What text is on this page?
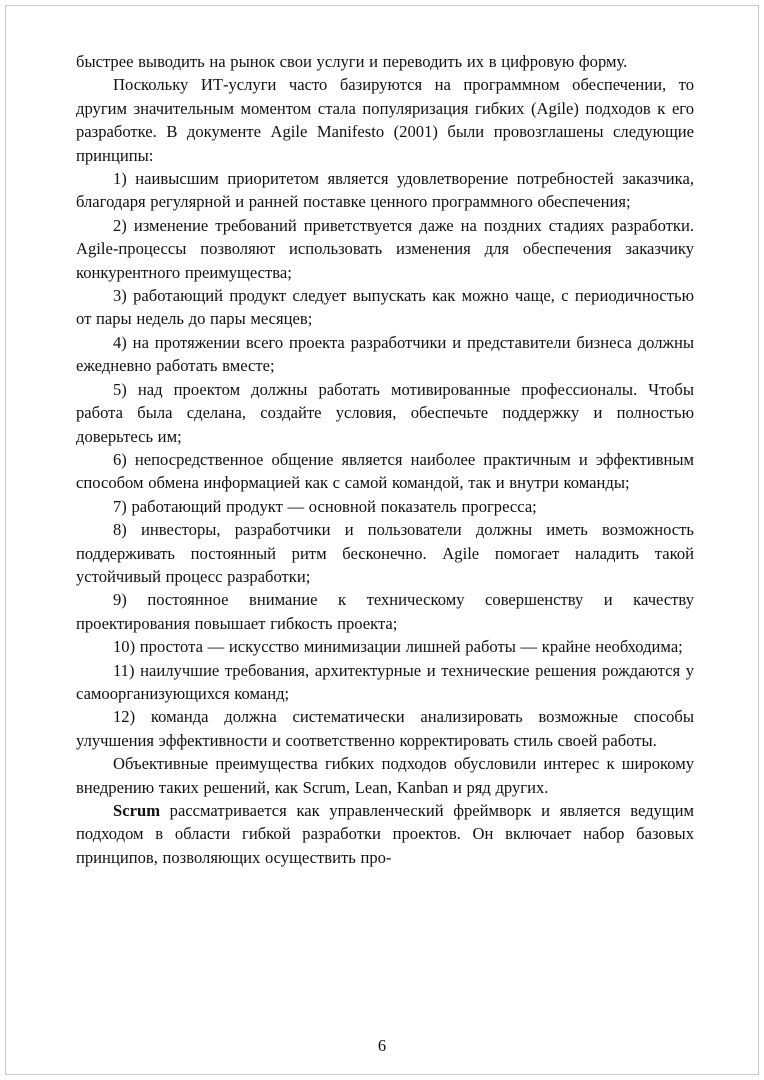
быстрее выводить на рынок свои услуги и переводить их в цифровую форму.

Поскольку ИТ-услуги часто базируются на программном обеспечении, то другим значительным моментом стала популяризация гибких (Agile) подходов к его разработке. В документе Agile Manifesto (2001) были провозглашены следующие принципы:

1) наивысшим приоритетом является удовлетворение потребностей заказчика, благодаря регулярной и ранней поставке ценного программного обеспечения;

2) изменение требований приветствуется даже на поздних стадиях разработки. Agile-процессы позволяют использовать изменения для обеспечения заказчику конкурентного преимущества;

3) работающий продукт следует выпускать как можно чаще, с периодичностью от пары недель до пары месяцев;

4) на протяжении всего проекта разработчики и представители бизнеса должны ежедневно работать вместе;

5) над проектом должны работать мотивированные профессионалы. Чтобы работа была сделана, создайте условия, обеспечьте поддержку и полностью доверьтесь им;

6) непосредственное общение является наиболее практичным и эффективным способом обмена информацией как с самой командой, так и внутри команды;

7) работающий продукт — основной показатель прогресса;

8) инвесторы, разработчики и пользователи должны иметь возможность поддерживать постоянный ритм бесконечно. Agile помогает наладить такой устойчивый процесс разработки;

9) постоянное внимание к техническому совершенству и качеству проектирования повышает гибкость проекта;

10) простота — искусство минимизации лишней работы — крайне необходима;

11) наилучшие требования, архитектурные и технические решения рождаются у самоорганизующихся команд;

12) команда должна систематически анализировать возможные способы улучшения эффективности и соответственно корректировать стиль своей работы.

Объективные преимущества гибких подходов обусловили интерес к широкому внедрению таких решений, как Scrum, Lean, Kanban и ряд других.

Scrum рассматривается как управленческий фреймворк и является ведущим подходом в области гибкой разработки проектов. Он включает набор базовых принципов, позволяющих осуществить про-

6
